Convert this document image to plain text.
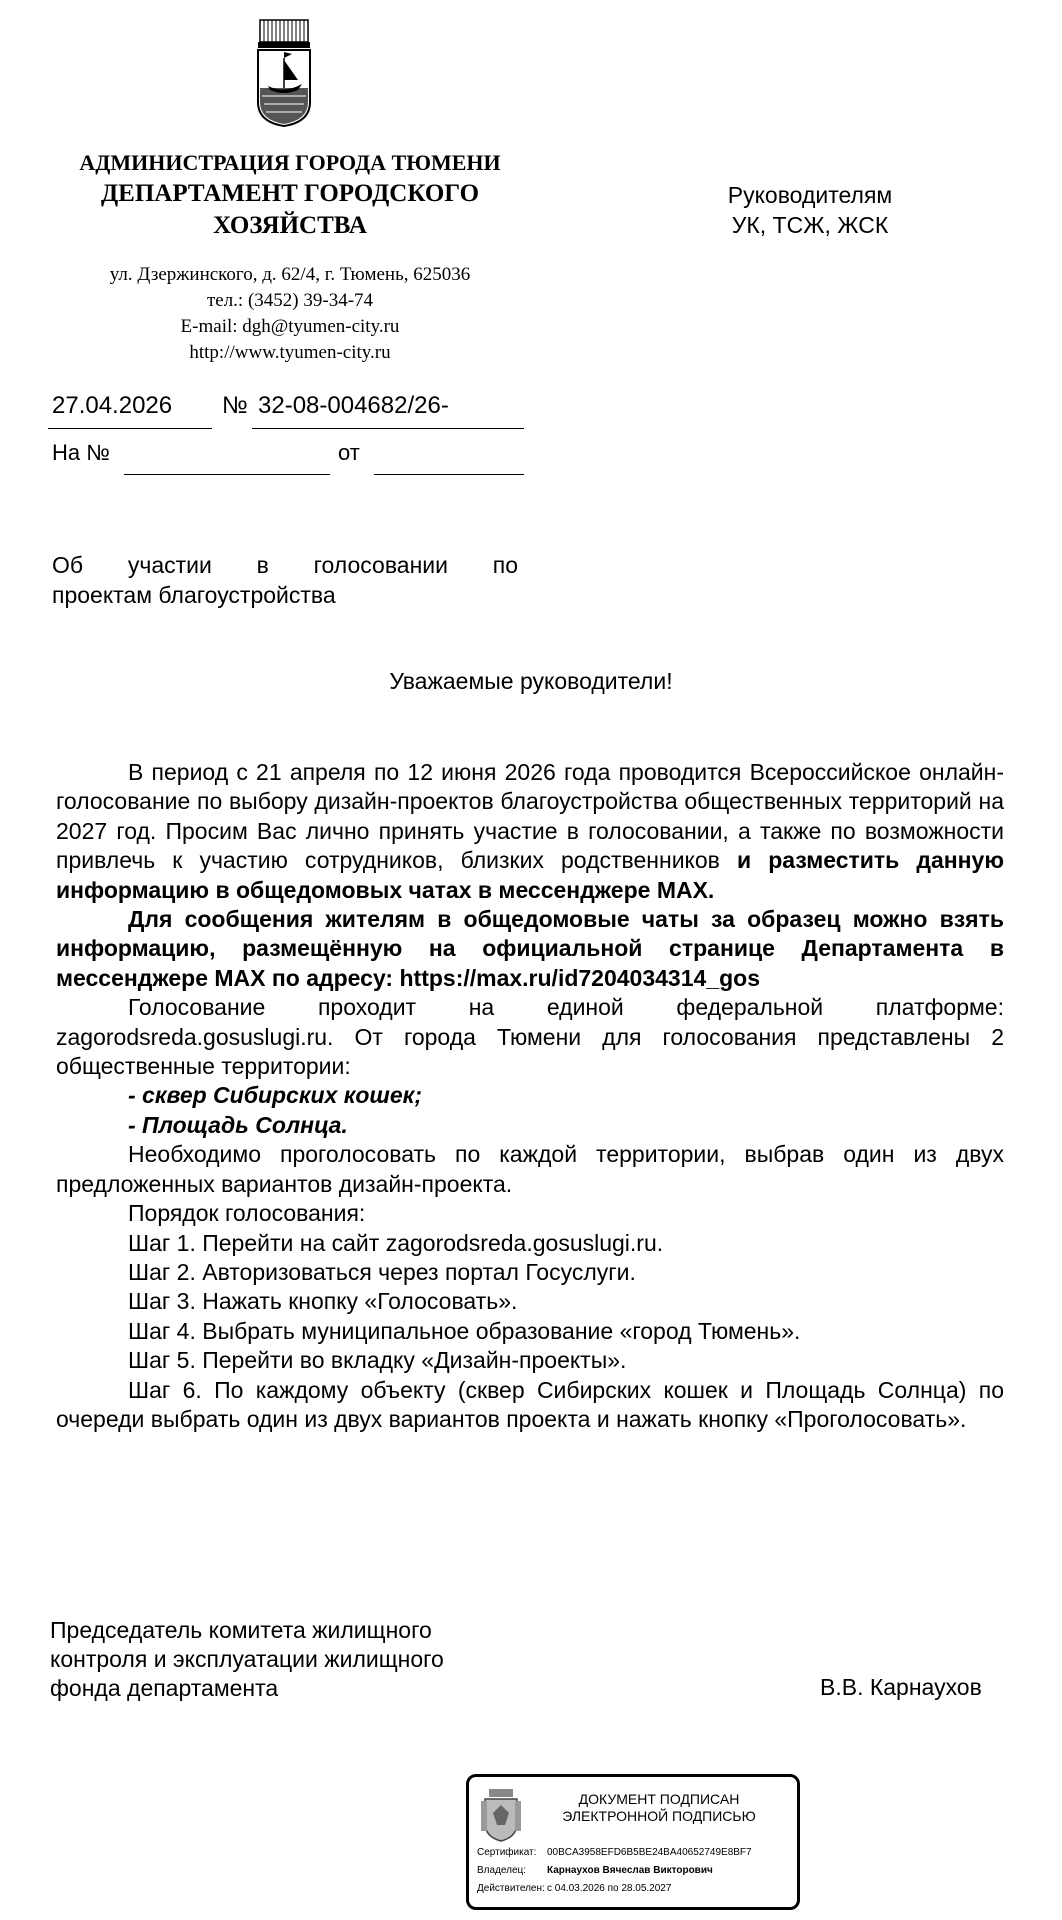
АДМИНИСТРАЦИЯ ГОРОДА ТЮМЕНИ
ДЕПАРТАМЕНТ ГОРОДСКОГО
ХОЗЯЙСТВА
ул. Дзержинского, д. 62/4, г. Тюмень, 625036
тел.: (3452) 39-34-74
E-mail: dgh@tyumen-city.ru
http://www.tyumen-city.ru
Руководителям
УК, ТСЖ, ЖСК
27.04.2026 № 32-08-004682/26-
На №	от
Об участии в голосовании по
проектам благоустройства
Уважаемые руководители!

В период с 21 апреля по 12 июня 2026 года проводится Всероссийское онлайн-голосование по выбору дизайн-проектов благоустройства общественных территорий на 2027 год. Просим Вас лично принять участие в голосовании, а также по возможности привлечь к участию сотрудников, близких родственников и разместить данную информацию в общедомовых чатах в мессенджере MAX.

Для сообщения жителям в общедомовые чаты за образец можно взять информацию, размещённую на официальной странице Департамента в мессенджере MAX по адресу: https://max.ru/id7204034314_gos

Голосование проходит на единой федеральной платформе: zagorodsreda.gosuslugi.ru. От города Тюмени для голосования представлены 2 общественные территории:

- сквер Сибирских кошек;

- Площадь Солнца.

Необходимо проголосовать по каждой территории, выбрав один из двух предложенных вариантов дизайн-проекта.

Порядок голосования:

Шаг 1. Перейти на сайт zagorodsreda.gosuslugi.ru.

Шаг 2. Авторизоваться через портал Госуслуги.

Шаг 3. Нажать кнопку «Голосовать».

Шаг 4. Выбрать муниципальное образование «город Тюмень».

Шаг 5. Перейти во вкладку «Дизайн-проекты».

Шаг 6. По каждому объекту (сквер Сибирских кошек и Площадь Солнца) по очереди выбрать один из двух вариантов проекта и нажать кнопку «Проголосовать».

Председатель комитета жилищного
контроля и эксплуатации жилищного
фонда департамента	В.В. Карнаухов
ДОКУМЕНТ ПОДПИСАН
ЭЛЕКТРОННОЙ ПОДПИСЬЮ
Сертификат: 00BCA3958EFD6B5BE24BA40652749E8BF7
Владелец: Карнаухов Вячеслав Викторович
Действителен: с 04.03.2026 по 28.05.2027
